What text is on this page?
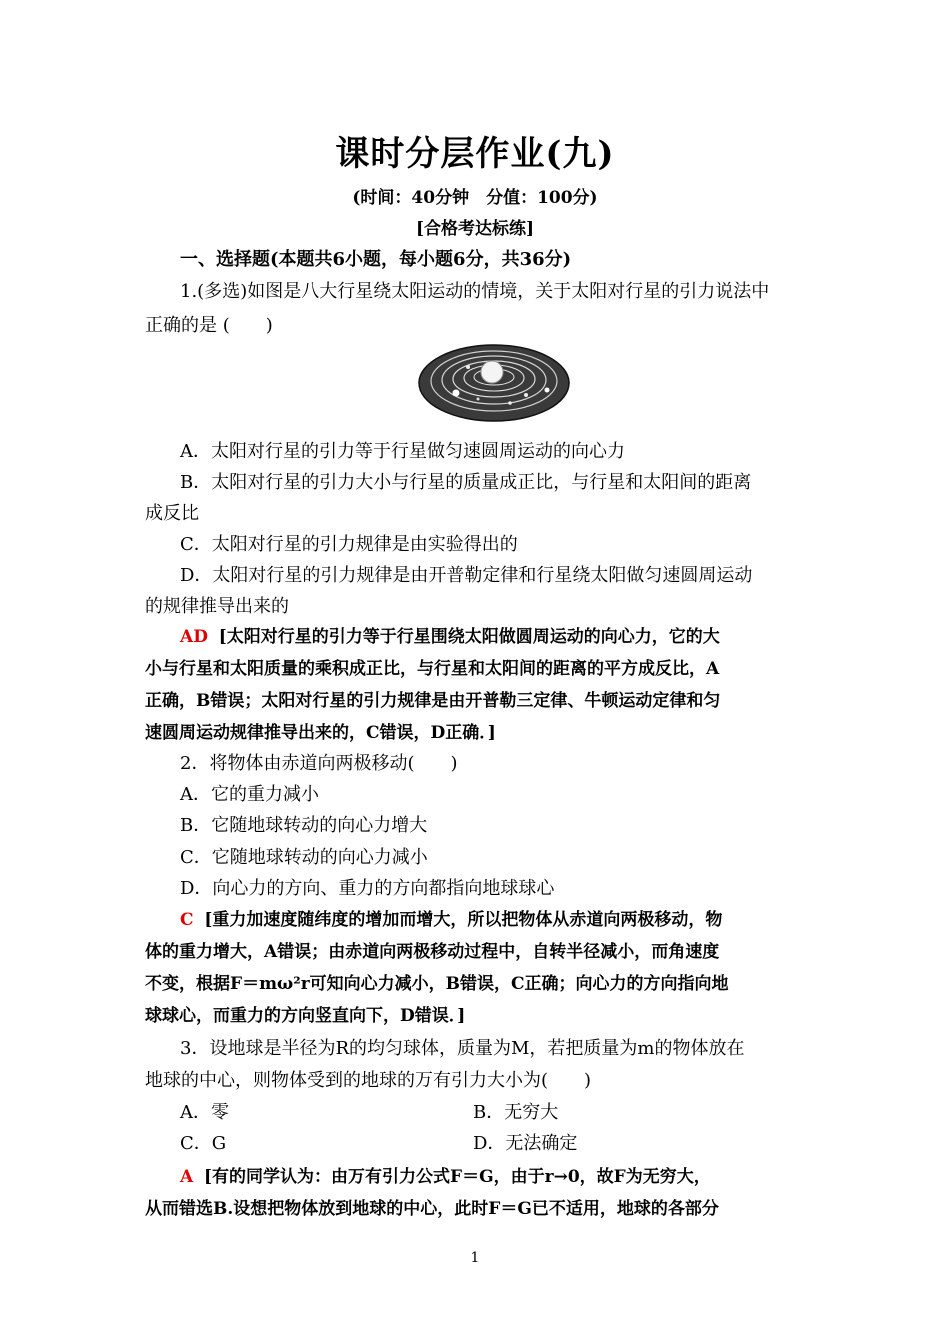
课时分层作业(九)
(时间：40分钟　分值：100分)
[合格考达标练]
一、选择题(本题共6小题，每小题6分，共36分)
1.(多选)如图是八大行星绕太阳运动的情境，关于太阳对行星的引力说法中
正确的是 (　　)
A．太阳对行星的引力等于行星做匀速圆周运动的向心力
B．太阳对行星的引力大小与行星的质量成正比，与行星和太阳间的距离
成反比
C．太阳对行星的引力规律是由实验得出的
D．太阳对行星的引力规律是由开普勒定律和行星绕太阳做匀速圆周运动
的规律推导出来的
AD [太阳对行星的引力等于行星围绕太阳做圆周运动的向心力，它的大
小与行星和太阳质量的乘积成正比，与行星和太阳间的距离的平方成反比，A
正确，B错误；太阳对行星的引力规律是由开普勒三定律、牛顿运动定律和匀
速圆周运动规律推导出来的，C错误，D正确．]
2．将物体由赤道向两极移动(　　)
A．它的重力减小
B．它随地球转动的向心力增大
C．它随地球转动的向心力减小
D．向心力的方向、重力的方向都指向地球球心
C [重力加速度随纬度的增加而增大，所以把物体从赤道向两极移动，物
体的重力增大，A错误；由赤道向两极移动过程中，自转半径减小，而角速度
不变，根据F＝mω²r可知向心力减小，B错误，C正确；向心力的方向指向地
球球心，而重力的方向竖直向下，D错误．]
3．设地球是半径为R的均匀球体，质量为M，若把质量为m的物体放在
地球的中心，则物体受到的地球的万有引力大小为(　　)
A．零	B．无穷大
C．G	D．无法确定
A [有的同学认为：由万有引力公式F＝G，由于r→0，故F为无穷大，
从而错选B.设想把物体放到地球的中心，此时F＝G已不适用，地球的各部分
1
